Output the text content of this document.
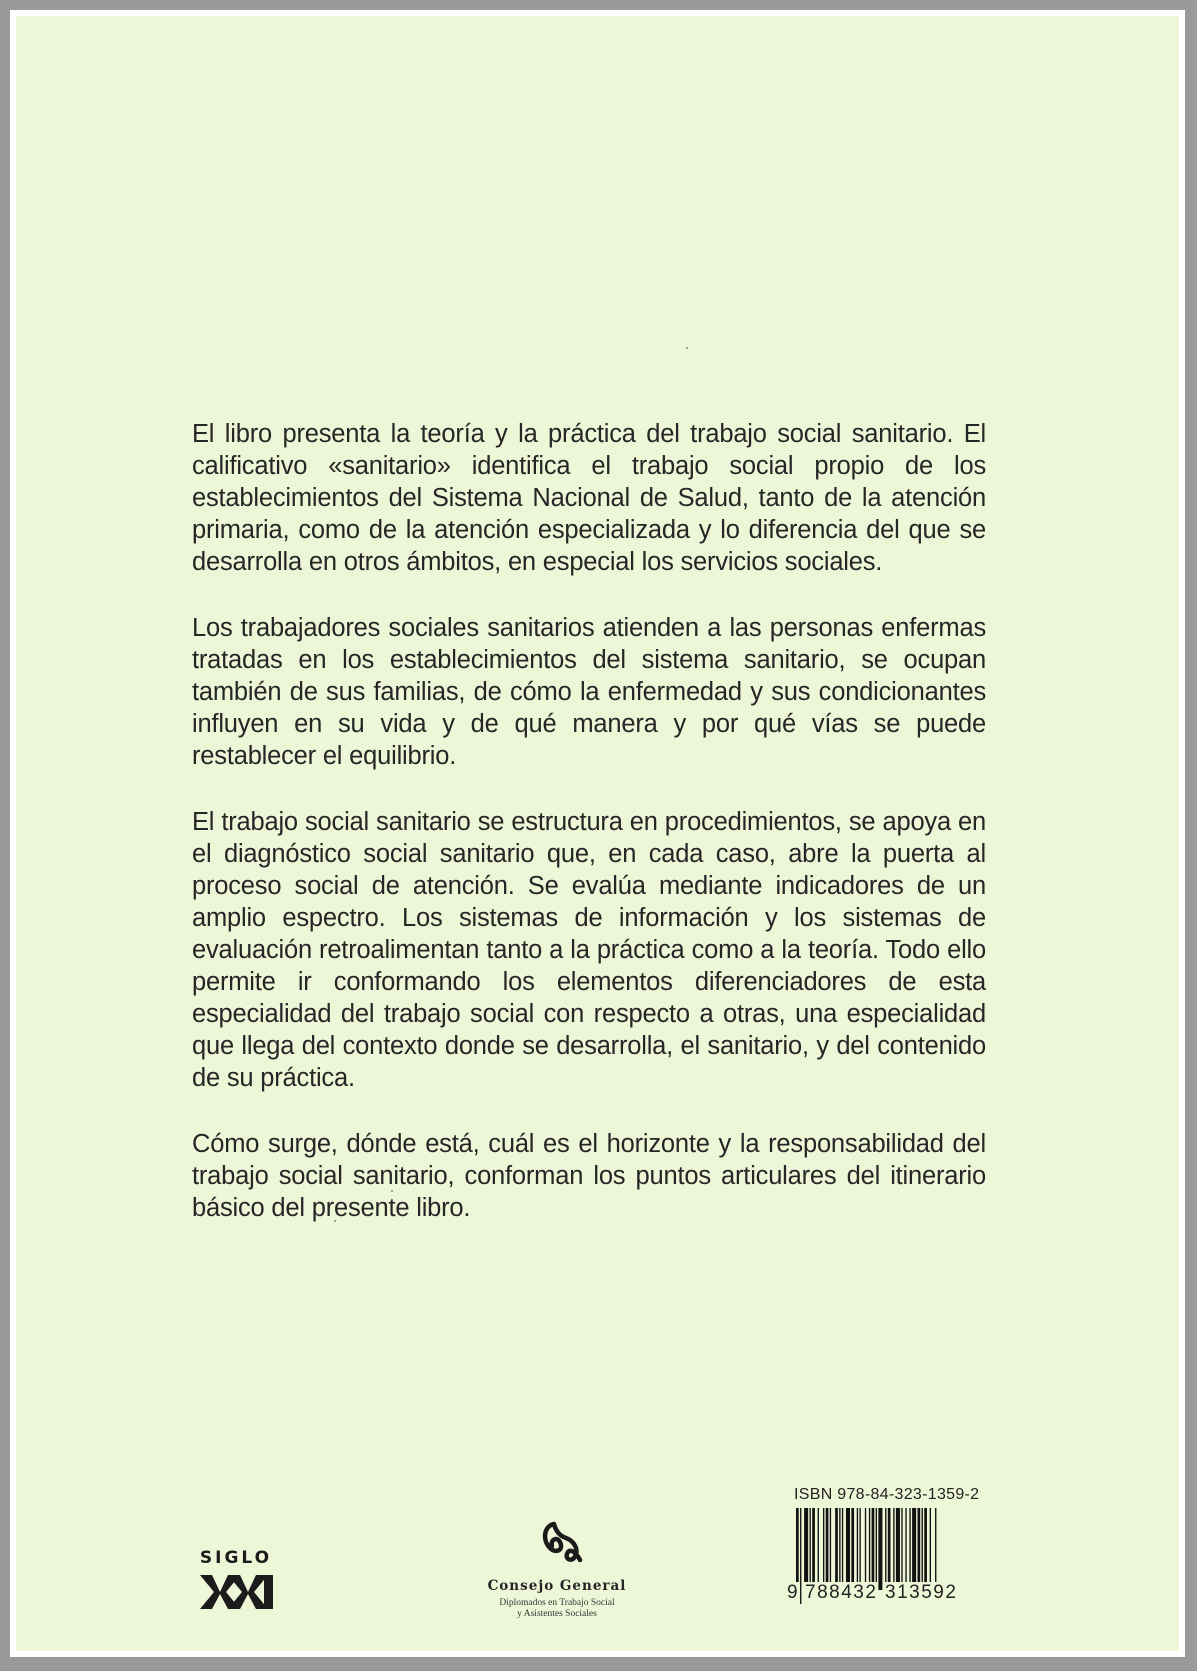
El libro presenta la teoría y la práctica del trabajo social sanitario. El calificativo «sanitario» identifica el trabajo social propio de los establecimientos del Sistema Nacional de Salud, tanto de la atención primaria, como de la atención especializada y lo diferencia del que se desarrolla en otros ámbitos, en especial los servicios sociales.

Los trabajadores sociales sanitarios atienden a las personas enfermas tratadas en los establecimientos del sistema sanitario, se ocupan también de sus familias, de cómo la enfermedad y sus condicionantes influyen en su vida y de qué manera y por qué vías se puede restablecer el equilibrio.

El trabajo social sanitario se estructura en procedimientos, se apoya en el diagnóstico social sanitario que, en cada caso, abre la puerta al proceso social de atención. Se evalúa mediante indicadores de un amplio espectro. Los sistemas de información y los sistemas de evaluación retroalimentan tanto a la práctica como a la teoría. Todo ello permite ir conformando los elementos diferenciadores de esta especialidad del trabajo social con respecto a otras, una especialidad que llega del contexto donde se desarrolla, el sanitario, y del contenido de su práctica.

Cómo surge, dónde está, cuál es el horizonte y la responsabilidad del trabajo social sanitario, conforman los puntos articulares del itinerario básico del presente libro.

SIGLO
Consejo General
Diplomados en Trabajo Social
y Asistentes Sociales
ISBN 978-84-323-1359-2
9 788432 313592
